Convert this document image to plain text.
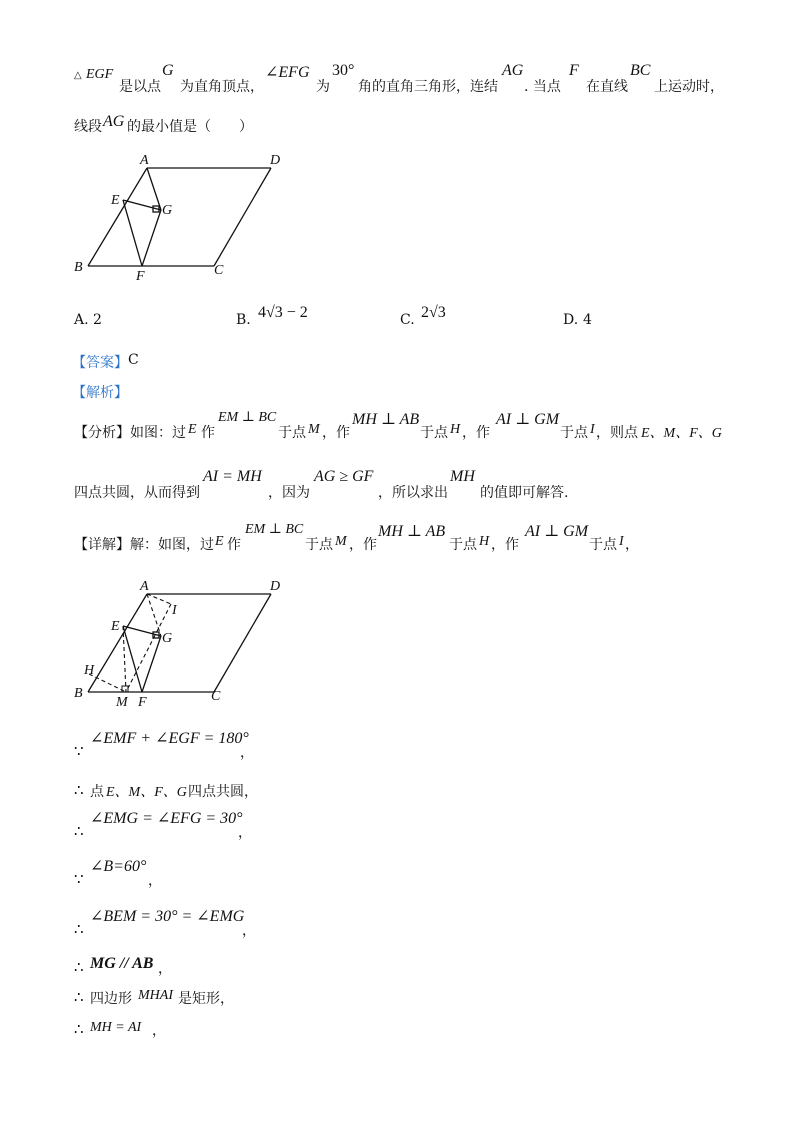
△ EGF
是以点
G
为直角顶点，
∠EFG
为
30°
角的直角三角形，连结
AG
. 当点
F
在直线
BC
上运动时，
线段 AG 的最小值是（　　）
A	D
E
G
B
F	C
A. 2	B. 4√3 − 2	C. 2√3	D. 4
【答案】 C
【解析】
【分析】如图：过 E 作
EM ⊥ BC
于点 M ，作
MH ⊥ AB
于点 H ，作
AI ⊥ GM
于点 I ，则点 E、M、F、G
四点共圆，从而得到
AI = MH
，因为
AG ≥ GF
，所以求出
MH
的值即可解答.
【详解】解：如图，过 E 作
EM ⊥ BC
于点 M ，作
MH ⊥ AB
于点 H ，作
AI ⊥ GM
于点 I ，
A	D
I
E
G
H
B
M F	C
∵
∠EMF + ∠EGF = 180°
，
∴ 点 E、M、F、G 四点共圆，
∴
∠EMG = ∠EFG = 30°
，
∵
∠B=60°
，
∴
∠BEM = 30° = ∠EMG
，
∴ MG // AB ，
∴ 四边形 MHAI 是矩形，
∴ MH = AI ，
